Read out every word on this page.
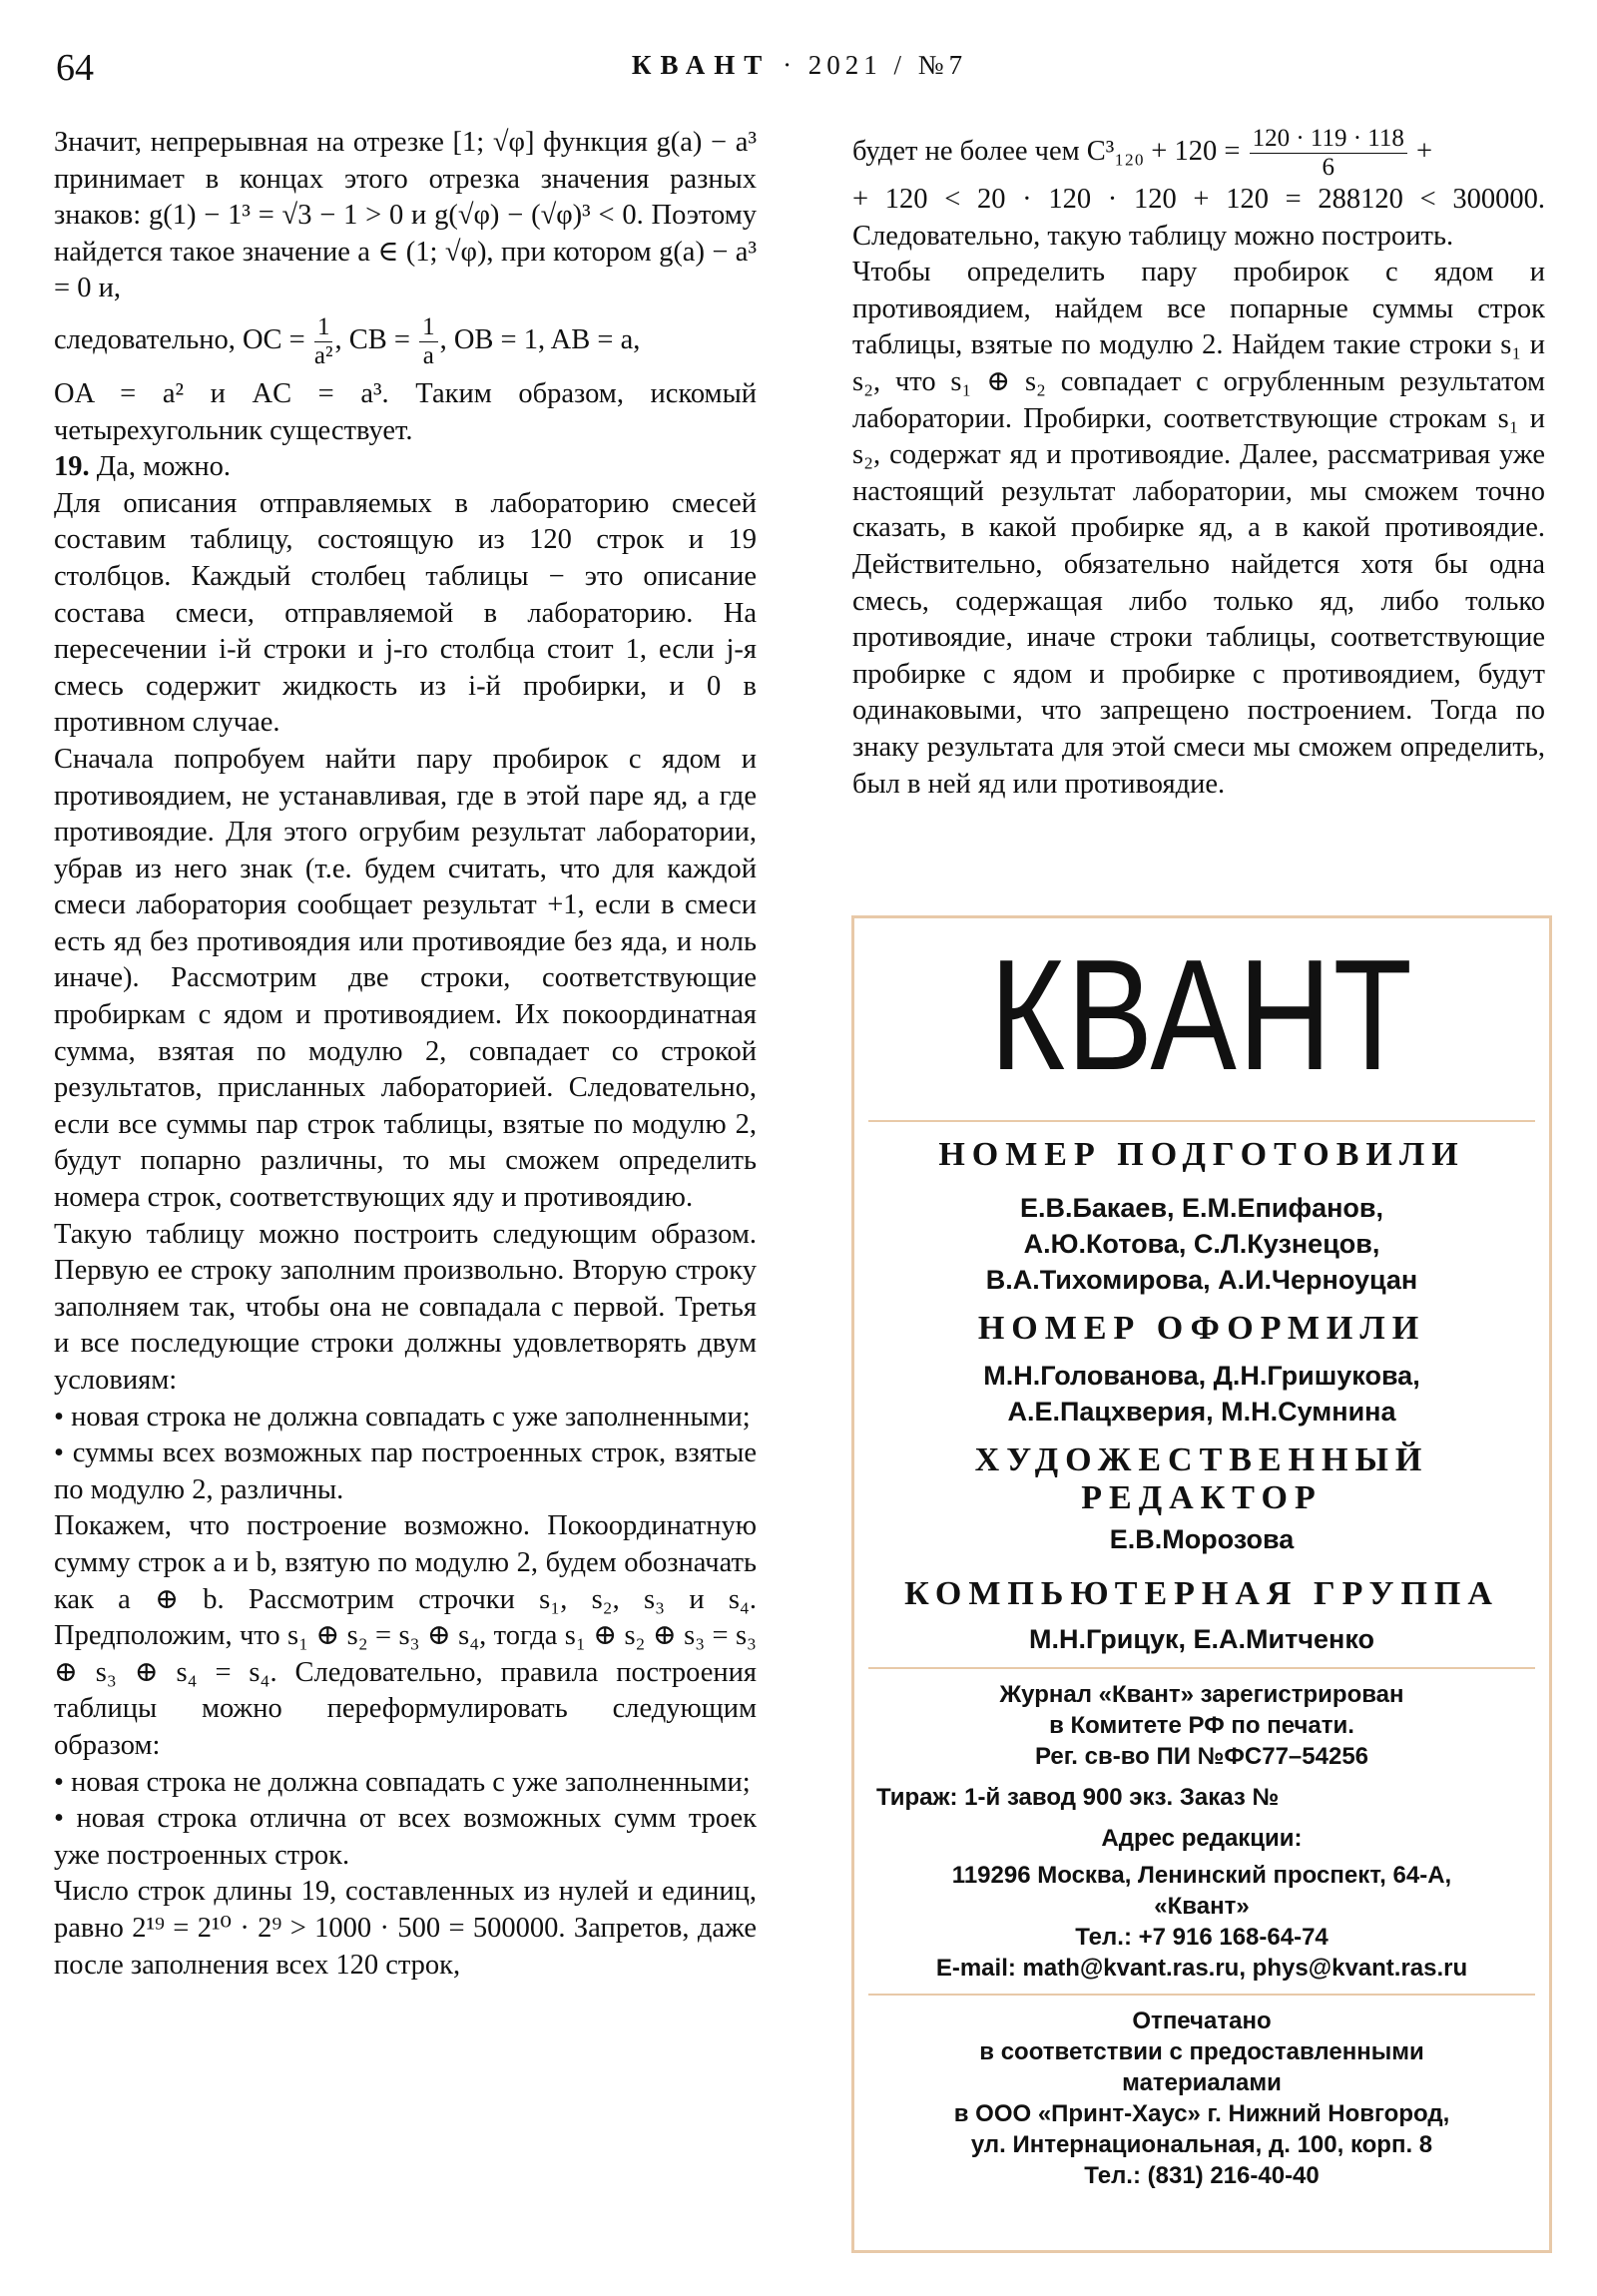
64	КВАНТ · 2021 / №7

Значит, непрерывная на отрезке [1; √φ] функция g(a) − a³ принимает в концах этого отрезка значения разных знаков: g(1) − 1³ = √3 − 1 > 0 и g(√φ) − (√φ)³ < 0. Поэтому найдется такое значение a ∈ (1; √φ), при котором g(a) − a³ = 0 и,

следовательно, OC = $\frac{1}{\text{a²}}$ , CB = $\frac{1}{a}$ , OB = 1, AB = a,

OA = a² и AC = a³. Таким образом, искомый четырехугольник существует.

19. Да, можно.

Для описания отправляемых в лабораторию смесей составим таблицу, состоящую из 120 строк и 19 столбцов. Каждый столбец таблицы − это описание состава смеси, отправляемой в лабораторию. На пересечении i-й строки и j-го столбца стоит 1, если j-я смесь содержит жидкость из i-й пробирки, и 0 в противном случае.

Сначала попробуем найти пару пробирок с ядом и противоядием, не устанавливая, где в этой паре яд, а где противоядие. Для этого огрубим результат лаборатории, убрав из него знак (т.е. будем считать, что для каждой смеси лаборатория сообщает результат +1, если в смеси есть яд без противоядия или противоядие без яда, и ноль иначе). Рассмотрим две строки, соответствующие пробиркам с ядом и противоядием. Их покоординатная сумма, взятая по модулю 2, совпадает со строкой результатов, присланных лабораторией. Следовательно, если все суммы пар строк таблицы, взятые по модулю 2, будут попарно различны, то мы сможем определить номера строк, соответствующих яду и противоядию.

Такую таблицу можно построить следующим образом. Первую ее строку заполним произвольно. Вторую строку заполняем так, чтобы она не совпадала с первой. Третья и все последующие строки должны удовлетворять двум условиям:

• новая строка не должна совпадать с уже заполненными;

• суммы всех возможных пар построенных строк, взятые по модулю 2, различны.

Покажем, что построение возможно. Покоординатную сумму строк a и b, взятую по модулю 2, будем обозначать как a ⊕ b. Рассмотрим строчки s₁, s₂, s₃ и s₄. Предположим, что s₁ ⊕ s₂ = s₃ ⊕ s₄, тогда s₁ ⊕ s₂ ⊕ s₃ = s₃ ⊕ s₃ ⊕ s₄ = s₄. Следовательно, правила построения таблицы можно переформулировать следующим образом:

• новая строка не должна совпадать с уже заполненными;

• новая строка отлична от всех возможных сумм троек уже построенных строк.

Число строк длины 19, составленных из нулей и единиц, равно 2¹⁹ = 2¹⁰ · 2⁹ > 1000 · 500 = 500000. Запретов, даже после заполнения всех 120 строк,

будет не более чем $C^3_{120} + 120 = \frac{120 \cdot 119 \cdot 118}{6}$ +

+ 120 < 20 · 120 · 120 + 120 = 288120 < 300000. Следовательно, такую таблицу можно построить.

Чтобы определить пару пробирок с ядом и противоядием, найдем все попарные суммы строк таблицы, взятые по модулю 2. Найдем такие строки s₁ и s₂, что s₁ ⊕ s₂ совпадает с огрубленным результатом лаборатории. Пробирки, соответствующие строкам s₁ и s₂, содержат яд и противоядие. Далее, рассматривая уже настоящий результат лаборатории, мы сможем точно сказать, в какой пробирке яд, а в какой противоядие. Действительно, обязательно найдется хотя бы одна смесь, содержащая либо только яд, либо только противоядие, иначе строки таблицы, соответствующие пробирке с ядом и пробирке с противоядием, будут одинаковыми, что запрещено построением. Тогда по знаку результата для этой смеси мы сможем определить, был в ней яд или противоядие.

КВАНТ

НОМЕР ПОДГОТОВИЛИ

Е.В.Бакаев, Е.М.Епифанов,

А.Ю.Котова, С.Л.Кузнецов,

В.А.Тихомирова, А.И.Черноуцан

НОМЕР ОФОРМИЛИ

М.Н.Голованова, Д.Н.Гришукова,

А.Е.Пацхверия, М.Н.Сумнина

ХУДОЖЕСТВЕННЫЙ

РЕДАКТОР

Е.В.Морозова

КОМПЬЮТЕРНАЯ ГРУППА

М.Н.Грицук, Е.А.Митченко

Журнал «Квант» зарегистрирован

в Комитете РФ по печати.

Рег. св-во ПИ №ФС77–54256

Тираж: 1-й завод 900 экз. Заказ №

Адрес редакции:

119296 Москва, Ленинский проспект, 64-А,

«Квант»

Тел.: +7 916 168-64-74

E-mail: math@kvant.ras.ru, phys@kvant.ras.ru

Отпечатано

в соответствии с предоставленными

материалами

в ООО «Принт-Хаус» г. Нижний Новгород,

ул. Интернациональная, д. 100, корп. 8

Тел.: (831) 216-40-40
